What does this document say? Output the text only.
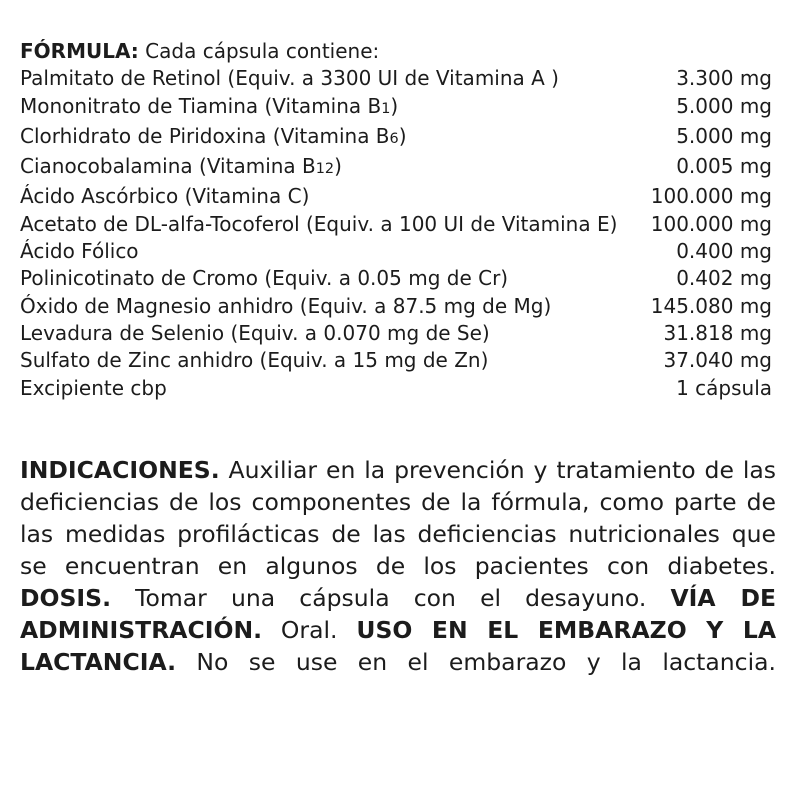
FÓRMULA: Cada cápsula contiene:
Palmitato de Retinol (Equiv. a 3300 UI de Vitamina A )	3.300 mg
Mononitrato de Tiamina (Vitamina B1)	5.000 mg
Clorhidrato de Piridoxina (Vitamina B6)	5.000 mg
Cianocobalamina (Vitamina B12)	0.005 mg
Ácido Ascórbico (Vitamina C)	100.000 mg
Acetato de DL-alfa-Tocoferol (Equiv. a 100 UI de Vitamina E) 100.000 mg
Ácido Fólico	0.400 mg
Polinicotinato de Cromo (Equiv. a 0.05 mg de Cr)	0.402 mg
Óxido de Magnesio anhidro (Equiv. a 87.5 mg de Mg)	145.080 mg
Levadura de Selenio (Equiv. a 0.070 mg de Se)	31.818 mg
Sulfato de Zinc anhidro (Equiv. a 15 mg de Zn)	37.040 mg
Excipiente cbp	1 cápsula
INDICACIONES. Auxiliar en la prevención y tratamiento de las
deficiencias de los componentes de la fórmula, como parte de
las medidas profilácticas de las deficiencias nutricionales que
se encuentran en algunos de los pacientes con diabetes.
DOSIS. Tomar una cápsula con el desayuno. VÍA DE
ADMINISTRACIÓN. Oral. USO EN EL EMBARAZO Y LA
LACTANCIA. No se use en el embarazo y la lactancia.
